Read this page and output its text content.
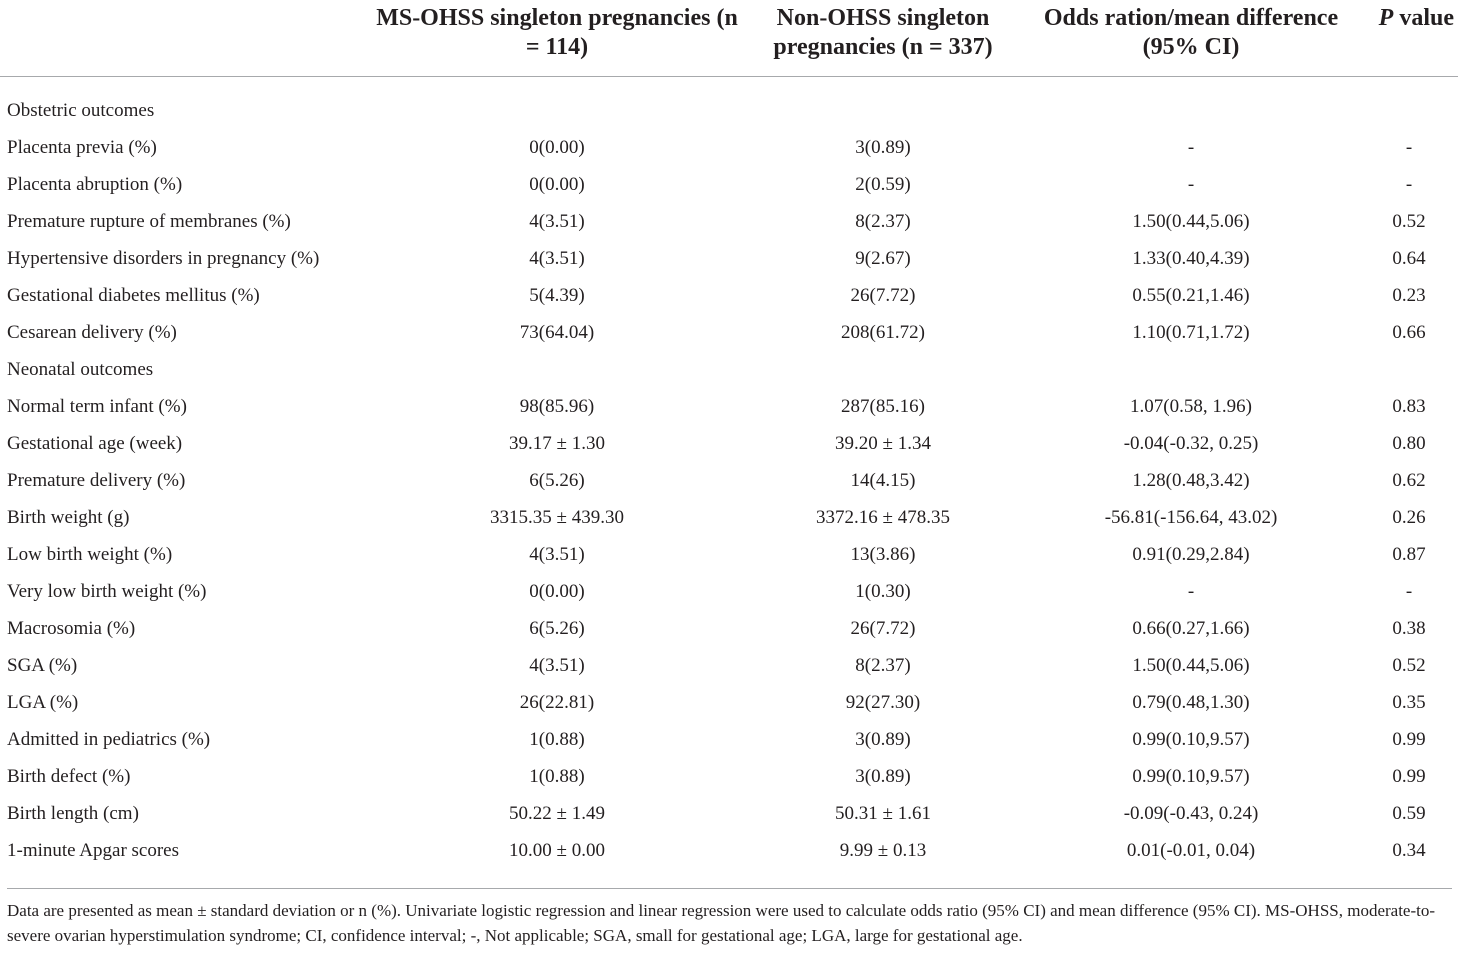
	MS-OHSS singleton pregnancies (n = 114)	Non-OHSS singleton pregnancies (n = 337)	Odds ration/mean difference (95% CI)	P value
Obstetric outcomes				
Placenta previa (%)	0(0.00)	3(0.89)	-	-
Placenta abruption (%)	0(0.00)	2(0.59)	-	-
Premature rupture of membranes (%)	4(3.51)	8(2.37)	1.50(0.44,5.06)	0.52
Hypertensive disorders in pregnancy (%)	4(3.51)	9(2.67)	1.33(0.40,4.39)	0.64
Gestational diabetes mellitus (%)	5(4.39)	26(7.72)	0.55(0.21,1.46)	0.23
Cesarean delivery (%)	73(64.04)	208(61.72)	1.10(0.71,1.72)	0.66
Neonatal outcomes				
Normal term infant (%)	98(85.96)	287(85.16)	1.07(0.58, 1.96)	0.83
Gestational age (week)	39.17 ± 1.30	39.20 ± 1.34	-0.04(-0.32, 0.25)	0.80
Premature delivery (%)	6(5.26)	14(4.15)	1.28(0.48,3.42)	0.62
Birth weight (g)	3315.35 ± 439.30	3372.16 ± 478.35	-56.81(-156.64, 43.02)	0.26
Low birth weight (%)	4(3.51)	13(3.86)	0.91(0.29,2.84)	0.87
Very low birth weight (%)	0(0.00)	1(0.30)	-	-
Macrosomia (%)	6(5.26)	26(7.72)	0.66(0.27,1.66)	0.38
SGA (%)	4(3.51)	8(2.37)	1.50(0.44,5.06)	0.52
LGA (%)	26(22.81)	92(27.30)	0.79(0.48,1.30)	0.35
Admitted in pediatrics (%)	1(0.88)	3(0.89)	0.99(0.10,9.57)	0.99
Birth defect (%)	1(0.88)	3(0.89)	0.99(0.10,9.57)	0.99
Birth length (cm)	50.22 ± 1.49	50.31 ± 1.61	-0.09(-0.43, 0.24)	0.59
1-minute Apgar scores	10.00 ± 0.00	9.99 ± 0.13	0.01(-0.01, 0.04)	0.34
Data are presented as mean ± standard deviation or n (%). Univariate logistic regression and linear regression were used to calculate odds ratio (95% CI) and mean difference (95% CI). MS-OHSS, moderate-to-severe ovarian hyperstimulation syndrome; CI, confidence interval; -, Not applicable; SGA, small for gestational age; LGA, large for gestational age.
